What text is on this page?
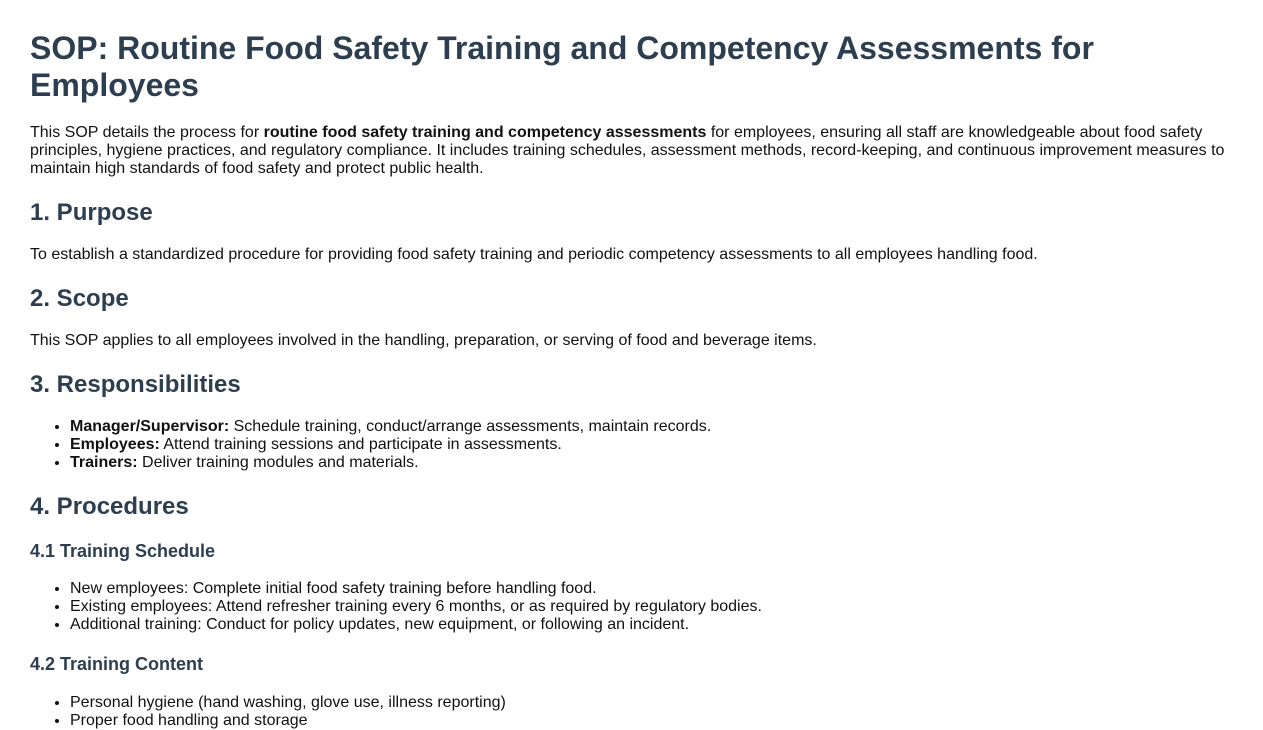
SOP: Routine Food Safety Training and Competency Assessments for Employees

This SOP details the process for routine food safety training and competency assessments for employees, ensuring all staff are knowledgeable about food safety principles, hygiene practices, and regulatory compliance. It includes training schedules, assessment methods, record-keeping, and continuous improvement measures to maintain high standards of food safety and protect public health.

1. Purpose

To establish a standardized procedure for providing food safety training and periodic competency assessments to all employees handling food.

2. Scope

This SOP applies to all employees involved in the handling, preparation, or serving of food and beverage items.

3. Responsibilities
• Manager/Supervisor: Schedule training, conduct/arrange assessments, maintain records.
• Employees: Attend training sessions and participate in assessments.
• Trainers: Deliver training modules and materials.
4. Procedures
4.1 Training Schedule
• New employees: Complete initial food safety training before handling food.
• Existing employees: Attend refresher training every 6 months, or as required by regulatory bodies.
• Additional training: Conduct for policy updates, new equipment, or following an incident.
4.2 Training Content
• Personal hygiene (hand washing, glove use, illness reporting)
• Proper food handling and storage
